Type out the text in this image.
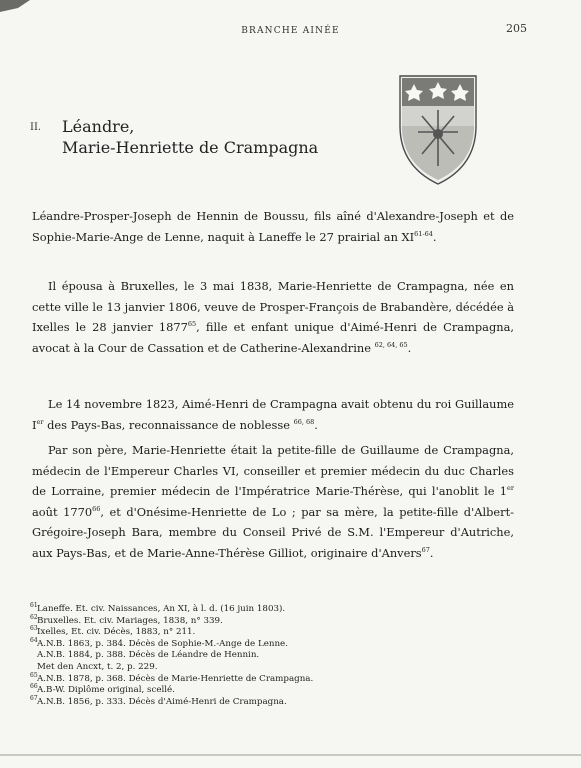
BRANCHE AINÉE	205
II. Léandre,
Marie-Henriette de Crampagna

Léandre-Prosper-Joseph de Hennin de Boussu, fils aîné d'Alexandre-Joseph et de Sophie-Marie-Ange de Lenne, naquit à Laneffe le 27 prairial an XI$^{61-64}$.

Il épousa à Bruxelles, le 3 mai 1838, Marie-Henriette de Crampagna, née en cette ville le 13 janvier 1806, veuve de Prosper-François de Brabandère, décédée à Ixelles le 28 janvier 1877$^{65}$, fille et enfant unique d'Aimé-Henri de Crampagna, avocat à la Cour de Cassation et de Catherine-Alexandrine $^{62, 64, 65}$.

Le 14 novembre 1823, Aimé-Henri de Crampagna avait obtenu du roi Guillaume Ier des Pays-Bas, reconnaissance de noblesse $^{66, 68}$.

Par son père, Marie-Henriette était la petite-fille de Guillaume de Crampagna, médecin de l'Empereur Charles VI, conseiller et premier médecin du duc Charles de Lorraine, premier médecin de l'Impératrice Marie-Thérèse, qui l'anoblit le 1er août 1770$^{66}$, et d'Onésime-Henriette de Lo ; par sa mère, la petite-fille d'Albert-Grégoire-Joseph Bara, membre du Conseil Privé de S.M. l'Empereur d'Autriche, aux Pays-Bas, et de Marie-Anne-Thérèse Gilliot, originaire d'Anvers$^{67}$.

61Laneffe. Et. civ. Naissances, An XI, à l. d. (16 juin 1803).
62Bruxelles. Et. civ. Mariages, 1838, n° 339.
63Ixelles, Et. civ. Décès, 1883, n° 211.
64A.N.B. 1863, p. 384. Décès de Sophie-M.-Ange de Lenne.
A.N.B. 1884, p. 388. Décès de Léandre de Hennin.
Met den Ancxt, t. 2, p. 229.
65A.N.B. 1878, p. 368. Décès de Marie-Henriette de Crampagna.
66A.B-W. Diplôme original, scellé.
67A.N.B. 1856, p. 333. Décès d'Aimé-Henri de Crampagna.
